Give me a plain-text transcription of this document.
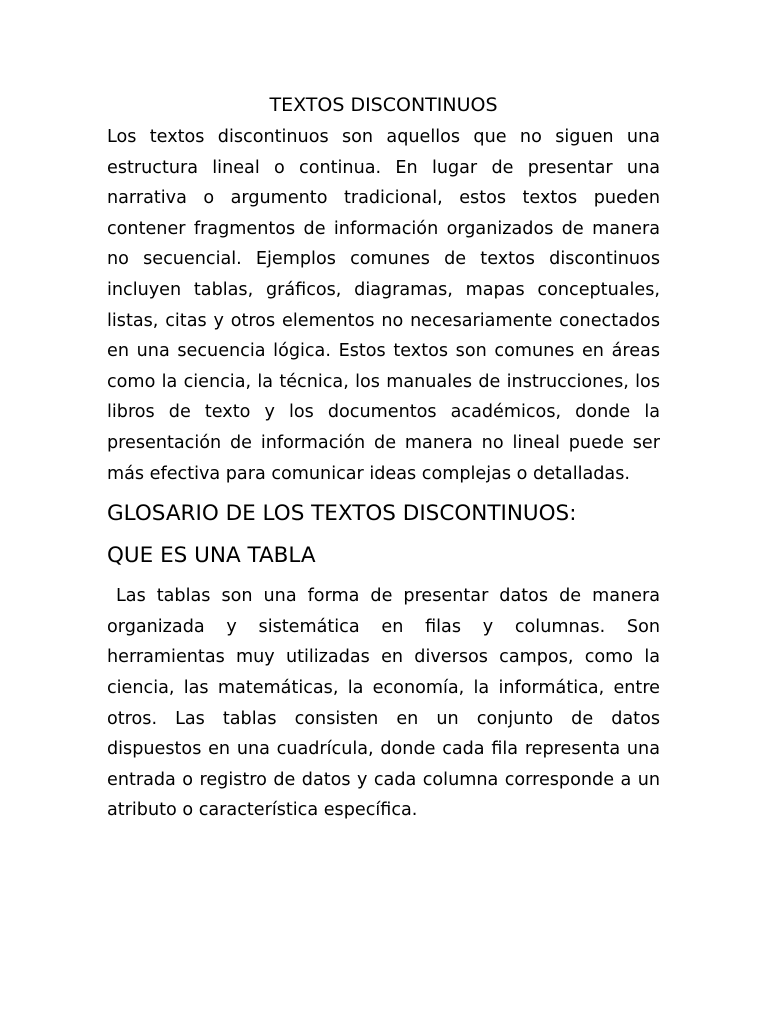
TEXTOS DISCONTINUOS

Los textos discontinuos son aquellos que no siguen una estructura lineal o continua. En lugar de presentar una narrativa o argumento tradicional, estos textos pueden contener fragmentos de información organizados de manera no secuencial. Ejemplos comunes de textos discontinuos incluyen tablas, gráficos, diagramas, mapas conceptuales, listas, citas y otros elementos no necesariamente conectados en una secuencia lógica. Estos textos son comunes en áreas como la ciencia, la técnica, los manuales de instrucciones, los libros de texto y los documentos académicos, donde la presentación de información de manera no lineal puede ser más efectiva para comunicar ideas complejas o detalladas.

GLOSARIO DE LOS TEXTOS DISCONTINUOS:
QUE ES UNA TABLA

Las tablas son una forma de presentar datos de manera organizada y sistemática en filas y columnas. Son herramientas muy utilizadas en diversos campos, como la ciencia, las matemáticas, la economía, la informática, entre otros. Las tablas consisten en un conjunto de datos dispuestos en una cuadrícula, donde cada fila representa una entrada o registro de datos y cada columna corresponde a un atributo o característica específica.
